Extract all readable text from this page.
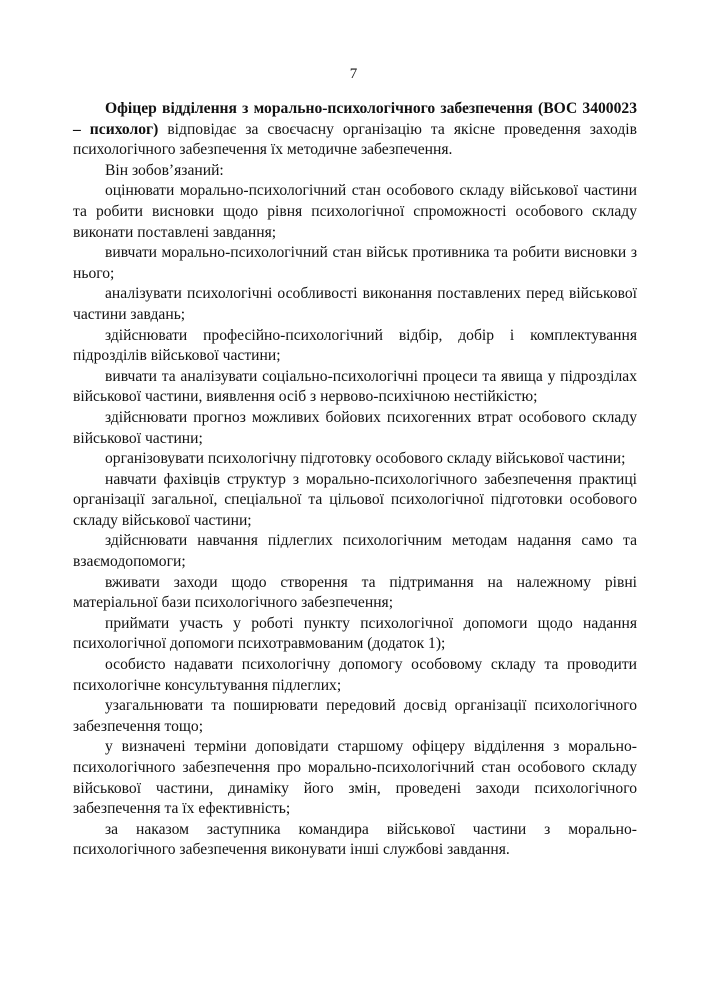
7

Офіцер відділення з морально-психологічного забезпечення (ВОС 3400023 – психолог) відповідає за своєчасну організацію та якісне проведення заходів психологічного забезпечення їх методичне забезпечення.

Він зобов’язаний:

оцінювати морально-психологічний стан особового складу військової частини та робити висновки щодо рівня психологічної спроможності особового складу виконати поставлені завдання;

вивчати морально-психологічний стан військ противника та робити висновки з нього;

аналізувати психологічні особливості виконання поставлених перед військової частини завдань;

здійснювати професійно-психологічний відбір, добір і комплектування підрозділів військової частини;

вивчати та аналізувати соціально-психологічні процеси та явища у підрозділах військової частини, виявлення осіб з нервово-психічною нестійкістю;

здійснювати прогноз можливих бойових психогенних втрат особового складу військової частини;

організовувати психологічну підготовку особового складу військової частини;

навчати фахівців структур з морально-психологічного забезпечення практиці організації загальної, спеціальної та цільової психологічної підготовки особового складу військової частини;

здійснювати навчання підлеглих психологічним методам надання само та взаємодопомоги;

вживати заходи щодо створення та підтримання на належному рівні матеріальної бази психологічного забезпечення;

приймати участь у роботі пункту психологічної допомоги щодо надання психологічної допомоги психотравмованим (додаток 1);

особисто надавати психологічну допомогу особовому складу та проводити психологічне консультування підлеглих;

узагальнювати та поширювати передовий досвід організації психологічного забезпечення тощо;

у визначені терміни доповідати старшому офіцеру відділення з морально-психологічного забезпечення про морально-психологічний стан особового складу військової частини, динаміку його змін, проведені заходи психологічного забезпечення та їх ефективність;

за наказом заступника командира військової частини з морально-психологічного забезпечення виконувати інші службові завдання.
